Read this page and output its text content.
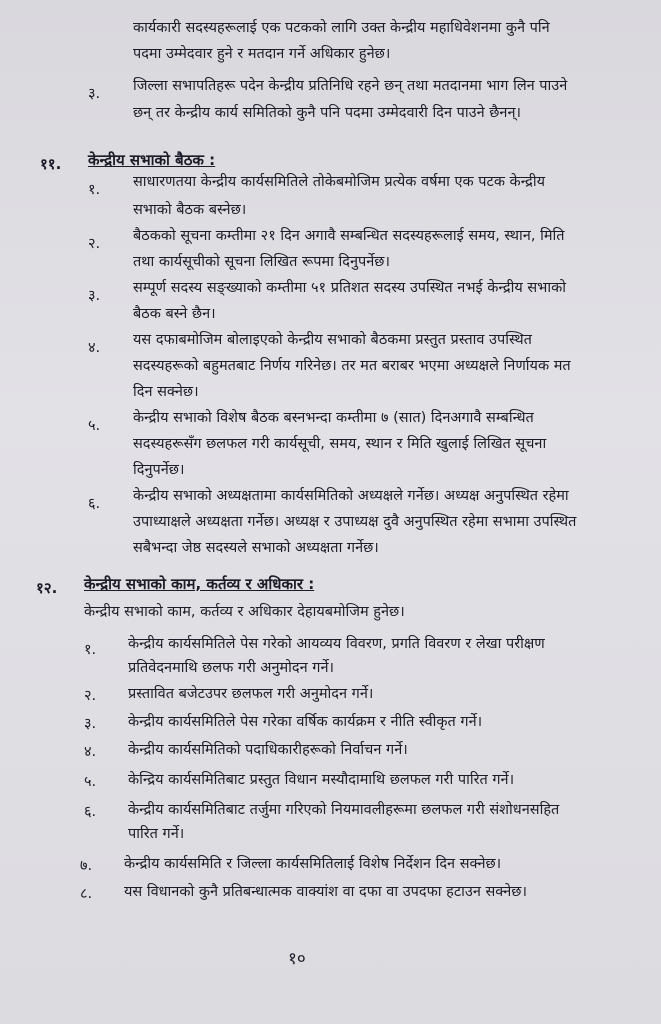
कार्यकारी सदस्यहरूलाई एक पटकको लागि उक्त केन्द्रीय महाधिवेशनमा कुनै पनि
पदमा उम्मेदवार हुने र मतदान गर्ने अधिकार हुनेछ।
३. जिल्ला सभापतिहरू पदेन केन्द्रीय प्रतिनिधि रहने छन् तथा मतदानमा भाग लिन पाउने
छन् तर केन्द्रीय कार्य समितिको कुनै पनि पदमा उम्मेदवारी दिन पाउने छैनन्।
११. केन्द्रीय सभाको बैठक :
१. साधारणतया केन्द्रीय कार्यसमितिले तोकेबमोजिम प्रत्येक वर्षमा एक पटक केन्द्रीय
सभाको बैठक बस्नेछ।
२. बैठकको सूचना कम्तीमा २१ दिन अगावै सम्बन्धित सदस्यहरूलाई समय, स्थान, मिति
तथा कार्यसूचीको सूचना लिखित रूपमा दिनुपर्नेछ।
३. सम्पूर्ण सदस्य सङ्ख्याको कम्तीमा ५१ प्रतिशत सदस्य उपस्थित नभई केन्द्रीय सभाको
बैठक बस्ने छैन।
४. यस दफाबमोजिम बोलाइएको केन्द्रीय सभाको बैठकमा प्रस्तुत प्रस्ताव उपस्थित
सदस्यहरूको बहुमतबाट निर्णय गरिनेछ। तर मत बराबर भएमा अध्यक्षले निर्णायक मत
दिन सक्नेछ।
५. केन्द्रीय सभाको विशेष बैठक बस्नभन्दा कम्तीमा ७ (सात) दिनअगावै सम्बन्धित
सदस्यहरूसँग छलफल गरी कार्यसूची, समय, स्थान र मिति खुलाई लिखित सूचना
दिनुपर्नेछ।
६. केन्द्रीय सभाको अध्यक्षतामा कार्यसमितिको अध्यक्षले गर्नेछ। अध्यक्ष अनुपस्थित रहेमा
उपाध्याक्षले अध्यक्षता गर्नेछ। अध्यक्ष र उपाध्यक्ष दुवै अनुपस्थित रहेमा सभामा उपस्थित
सबैभन्दा जेष्ठ सदस्यले सभाको अध्यक्षता गर्नेछ।
१२. केन्द्रीय सभाको काम, कर्तव्य र अधिकार :
केन्द्रीय सभाको काम, कर्तव्य र अधिकार देहायबमोजिम हुनेछ।
१. केन्द्रीय कार्यसमितिले पेस गरेको आयव्यय विवरण, प्रगति विवरण र लेखा परीक्षण
प्रतिवेदनमाथि छलफ गरी अनुमोदन गर्ने।
२. प्रस्तावित बजेटउपर छलफल गरी अनुमोदन गर्ने।
३. केन्द्रीय कार्यसमितिले पेस गरेका वर्षिक कार्यक्रम र नीति स्वीकृत गर्ने।
४. केन्द्रीय कार्यसमितिको पदाधिकारीहरूको निर्वाचन गर्ने।
५. केन्द्रिय कार्यसमितिबाट प्रस्तुत विधान मस्यौदामाथि छलफल गरी पारित गर्ने।
६. केन्द्रीय कार्यसमितिबाट तर्जुमा गरिएको नियमावलीहरूमा छलफल गरी संशोधनसहित
पारित गर्ने।
७. केन्द्रीय कार्यसमिति र जिल्ला कार्यसमितिलाई विशेष निर्देशन दिन सक्नेछ।
८. यस विधानको कुनै प्रतिबन्धात्मक वाक्यांश वा दफा वा उपदफा हटाउन सक्नेछ।
१०
